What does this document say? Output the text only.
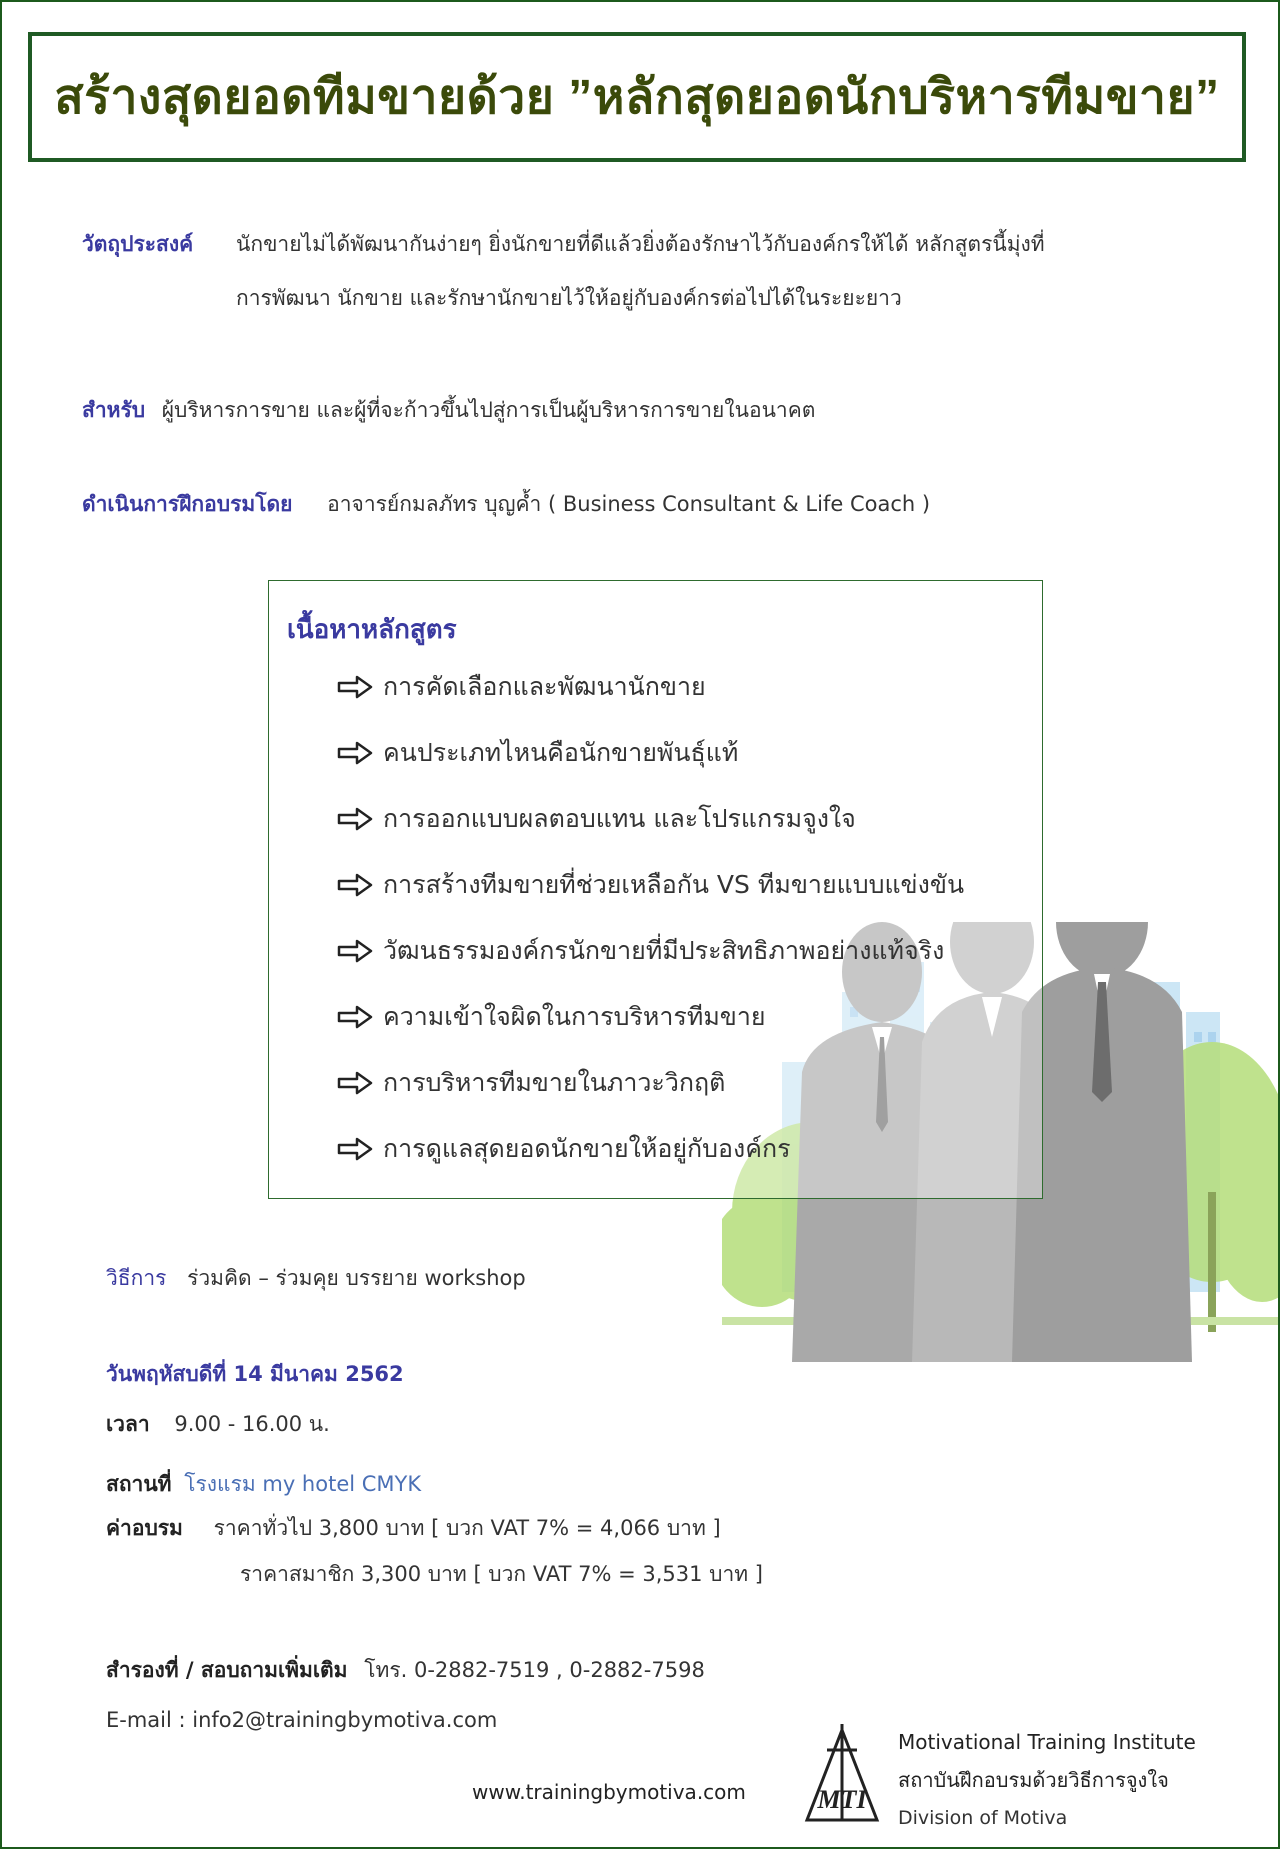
สร้างสุดยอดทีมขายด้วย ”หลักสุดยอดนักบริหารทีมขาย”
วัตถุประสงค์ นักขายไม่ได้พัฒนากันง่ายๆ ยิ่งนักขายที่ดีแล้วยิ่งต้องรักษาไว้กับองค์กรให้ได้ หลักสูตรนี้มุ่งที่
การพัฒนา นักขาย และรักษานักขายไว้ให้อยู่กับองค์กรต่อไปได้ในระยะยาว
สำหรับ ผู้บริหารการขาย และผู้ที่จะก้าวขึ้นไปสู่การเป็นผู้บริหารการขายในอนาคต
ดำเนินการฝึกอบรมโดย อาจารย์กมลภัทร บุญค้ำ ( Business Consultant & Life Coach )
เนื้อหาหลักสูตร
การคัดเลือกและพัฒนานักขาย
คนประเภทไหนคือนักขายพันธุ์แท้
การออกแบบผลตอบแทน และโปรแกรมจูงใจ
การสร้างทีมขายที่ช่วยเหลือกัน VS ทีมขายแบบแข่งขัน
วัฒนธรรมองค์กรนักขายที่มีประสิทธิภาพอย่างแท้จริง
ความเข้าใจผิดในการบริหารทีมขาย
การบริหารทีมขายในภาวะวิกฤติ
การดูแลสุดยอดนักขายให้อยู่กับองค์กร
วิธีการ ร่วมคิด – ร่วมคุย บรรยาย workshop
วันพฤหัสบดีที่ 14 มีนาคม 2562
เวลา 9.00 - 16.00 น.
สถานที่ โรงแรม my hotel CMYK
ค่าอบรม ราคาทั่วไป 3,800 บาท [ บวก VAT 7% = 4,066 บาท ]
ราคาสมาชิก 3,300 บาท [ บวก VAT 7% = 3,531 บาท ]
สำรองที่ / สอบถามเพิ่มเติม โทร. 0-2882-7519 , 0-2882-7598
E-mail : info2@trainingbymotiva.com
www.trainingbymotiva.com	MTI
Motivational Training Institute
สถาบันฝึกอบรมด้วยวิธีการจูงใจ
Division of Motiva
